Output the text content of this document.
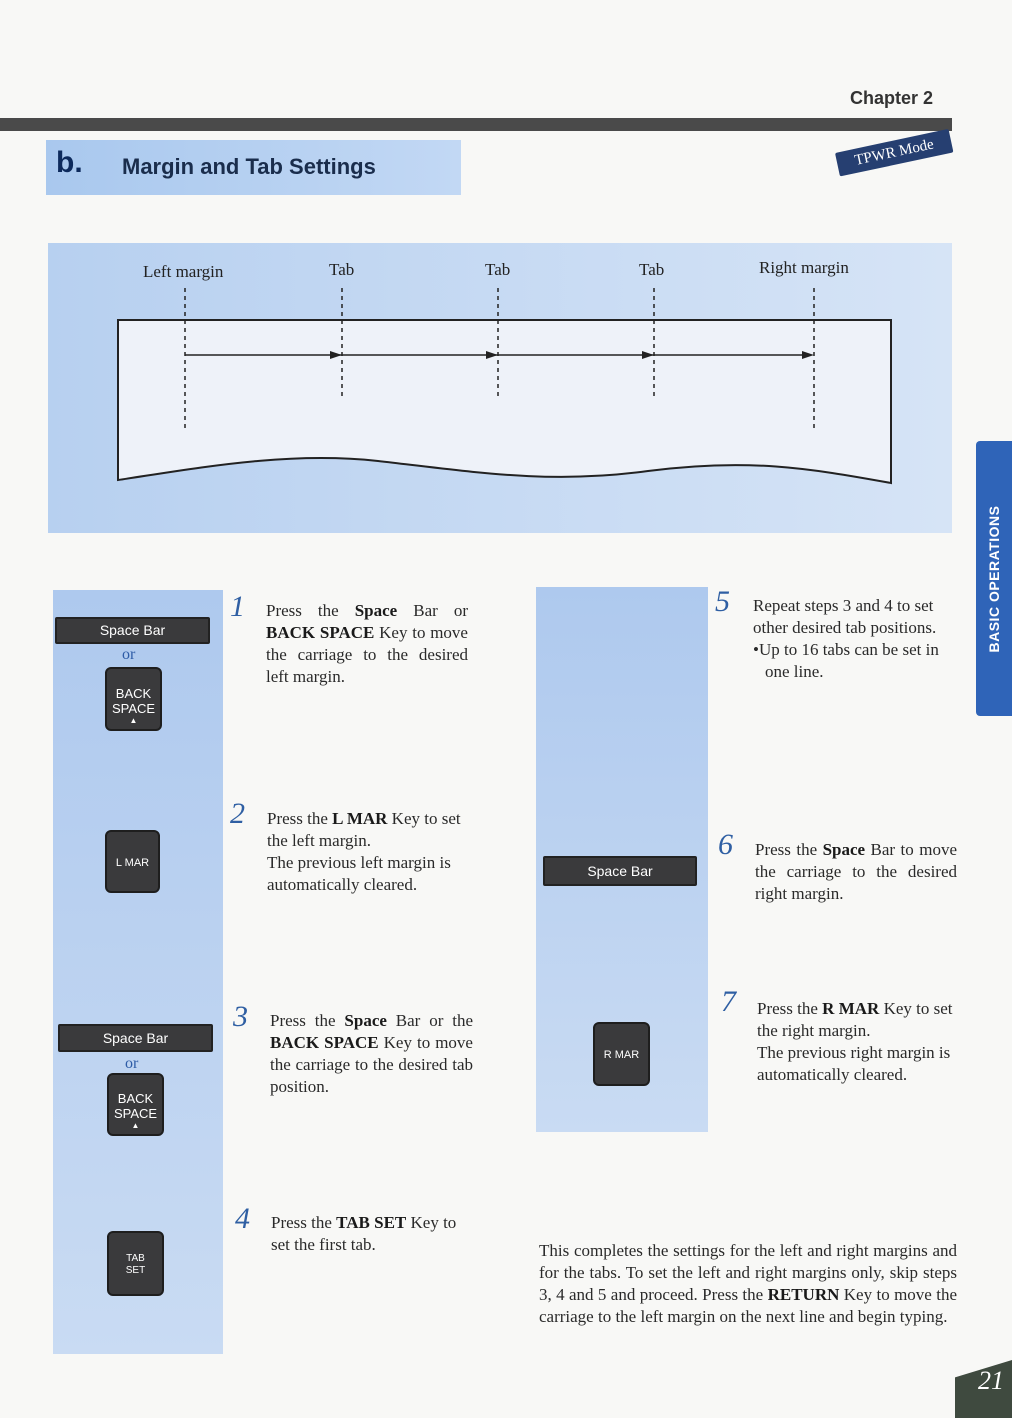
Chapter 2
b. Margin and Tab Settings	TPWR Mode
Left margin	Tab	Tab	Tab	Right margin
BASIC OPERATIONS
Space Bar
or
BACK
SPACE
▲
L MAR
Space Bar
or
BACK
SPACE
▲
TAB
SET
Space Bar
R MAR
1 Press the Space Bar or BACK SPACE Key to move the carriage to the desired left margin.
2 Press the L MAR Key to set the left margin.
The previous left margin is automatically cleared.
3 Press the Space Bar or the BACK SPACE Key to move the carriage to the desired tab position.
4 Press the TAB SET Key to set the first tab.
5 Repeat steps 3 and 4 to set other desired tab positions.
•Up to 16 tabs can be set in one line.
6 Press the Space Bar to move the carriage to the desired right margin.
7 Press the R MAR Key to set the right margin.
The previous right margin is automatically cleared.
This completes the settings for the left and right margins and for the tabs. To set the left and right margins only, skip steps 3, 4 and 5 and proceed. Press the RETURN Key to move the carriage to the left margin on the next line and begin typing.
21
